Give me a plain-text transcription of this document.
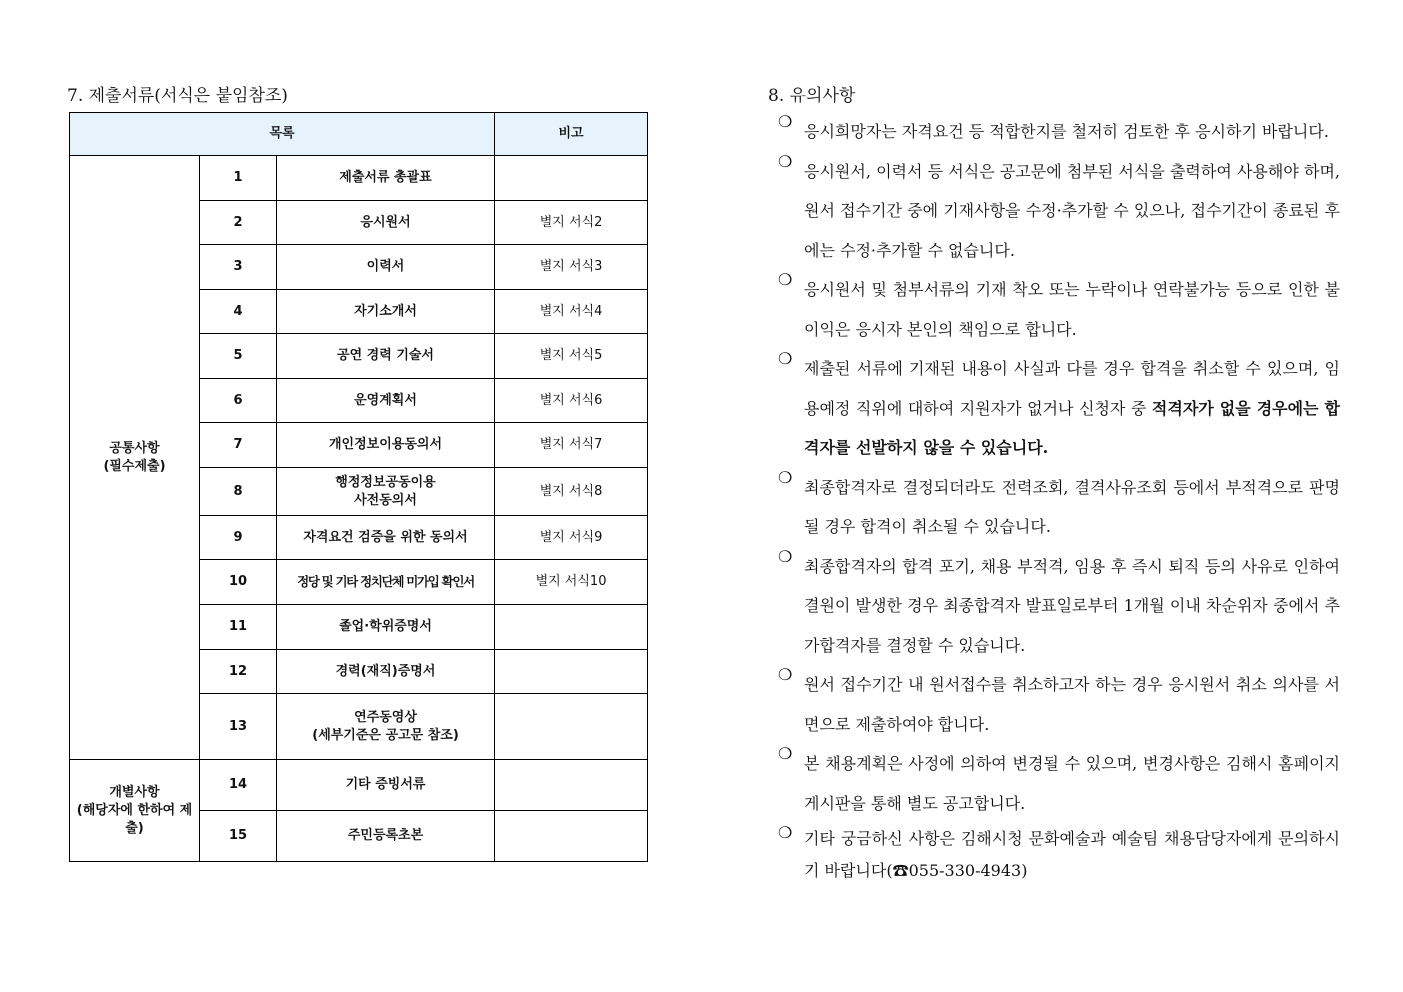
7. 제출서류(서식은 붙임참조)
목록			비고
공통사항
(필수제출)	1	제출서류 총괄표	
	2	응시원서	별지 서식2
	3	이력서	별지 서식3
	4	자기소개서	별지 서식4
	5	공연 경력 기술서	별지 서식5
	6	운영계획서	별지 서식6
	7	개인정보이용동의서	별지 서식7
	8	행정정보공동이용
사전동의서	별지 서식8
	9	자격요건 검증을 위한 동의서	별지 서식9
	10	정당 및 기타 정치단체 미가입 확인서	별지 서식10
	11	졸업·학위증명서	
	12	경력(재직)증명서	
	13	연주동영상
(세부기준은 공고문 참조)	
개별사항
(해당자에 한하여 제출)	14	기타 증빙서류	
	15	주민등록초본	
8. 유의사항
❍

응시희망자는 자격요건 등 적합한지를 철저히 검토한 후 응시하기 바랍니다.

❍

응시원서, 이력서 등 서식은 공고문에 첨부된 서식을 출력하여 사용해야 하며, 원서 접수기간 중에 기재사항을 수정·추가할 수 있으나, 접수기간이 종료된 후에는 수정·추가할 수 없습니다.

❍

응시원서 및 첨부서류의 기재 착오 또는 누락이나 연락불가능 등으로 인한 불이익은 응시자 본인의 책임으로 합니다.

❍

제출된 서류에 기재된 내용이 사실과 다를 경우 합격을 취소할 수 있으며, 임용예정 직위에 대하여 지원자가 없거나 신청자 중 적격자가 없을 경우에는 합격자를 선발하지 않을 수 있습니다.

❍

최종합격자로 결정되더라도 전력조회, 결격사유조회 등에서 부적격으로 판명될 경우 합격이 취소될 수 있습니다.

❍

최종합격자의 합격 포기, 채용 부적격, 임용 후 즉시 퇴직 등의 사유로 인하여 결원이 발생한 경우 최종합격자 발표일로부터 1개월 이내 차순위자 중에서 추가합격자를 결정할 수 있습니다.

❍

원서 접수기간 내 원서접수를 취소하고자 하는 경우 응시원서 취소 의사를 서면으로 제출하여야 합니다.

❍

본 채용계획은 사정에 의하여 변경될 수 있으며, 변경사항은 김해시 홈페이지 게시판을 통해 별도 공고합니다.

❍ 기타 궁금하신 사항은 김해시청 문화예술과 예술팀 채용담당자에게 문의하시기 바랍니다(☎055-330-4943)
